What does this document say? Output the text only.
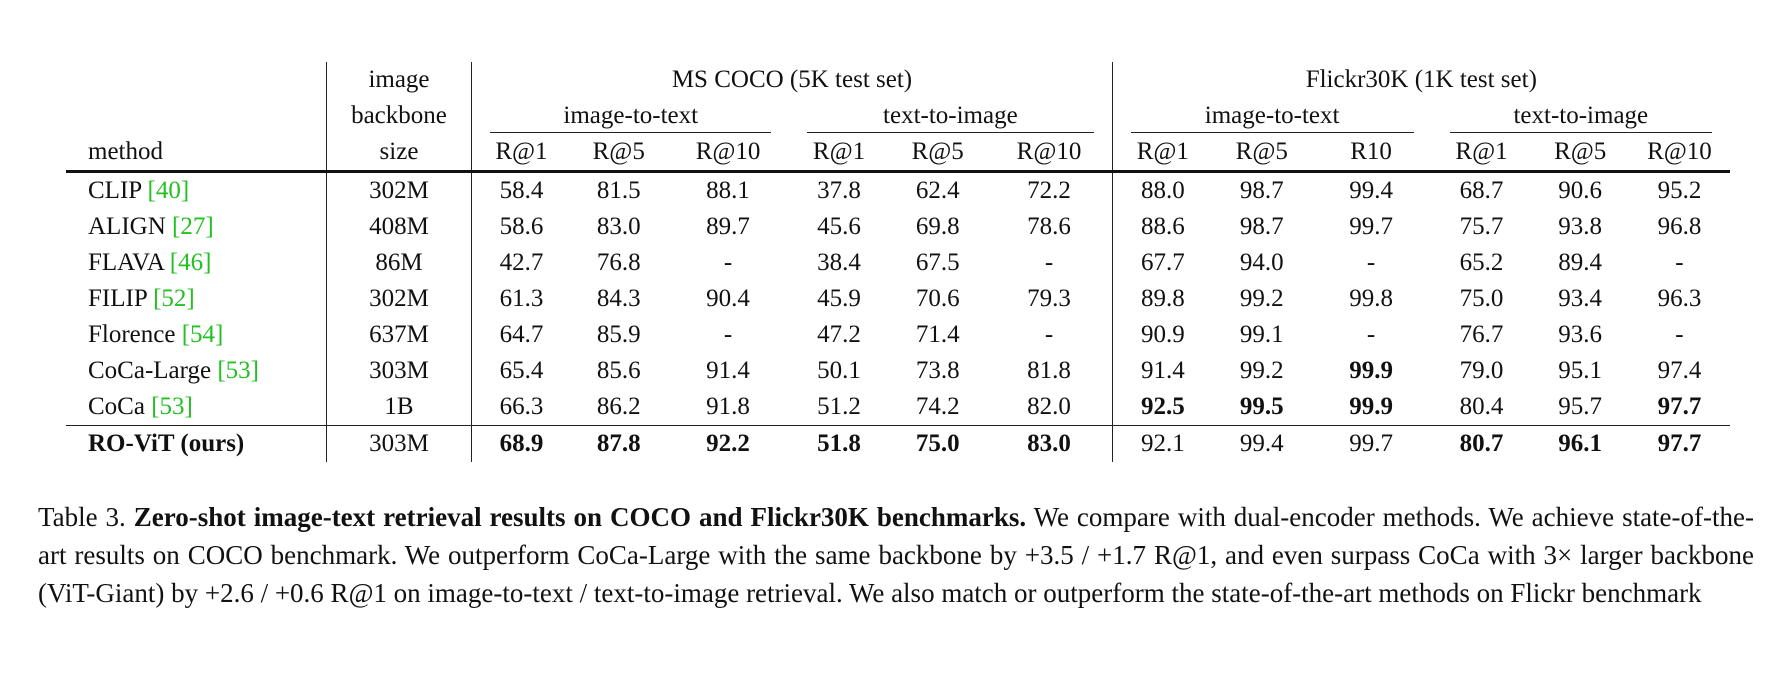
	image	MS COCO (5K test set)						Flickr30K (1K test set)					
	backbone	image-to-text			text-to-image			image-to-text			text-to-image		

method	size	R@1	R@5	R@10	R@1	R@5	R@10	R@1	R@5	R10	R@1	R@5	R@10
CLIP [40]	302M	58.4	81.5	88.1	37.8	62.4	72.2	88.0	98.7	99.4	68.7	90.6	95.2
ALIGN [27]	408M	58.6	83.0	89.7	45.6	69.8	78.6	88.6	98.7	99.7	75.7	93.8	96.8
FLAVA [46]	86M	42.7	76.8	-	38.4	67.5	-	67.7	94.0	-	65.2	89.4	-
FILIP [52]	302M	61.3	84.3	90.4	45.9	70.6	79.3	89.8	99.2	99.8	75.0	93.4	96.3
Florence [54]	637M	64.7	85.9	-	47.2	71.4	-	90.9	99.1	-	76.7	93.6	-
CoCa-Large [53]	303M	65.4	85.6	91.4	50.1	73.8	81.8	91.4	99.2	99.9	79.0	95.1	97.4
CoCa [53]	1B	66.3	86.2	91.8	51.2	74.2	82.0	92.5	99.5	99.9	80.4	95.7	97.7
RO-ViT (ours)	303M	68.9	87.8	92.2	51.8	75.0	83.0	92.1	99.4	99.7	80.7	96.1	97.7
Table 3. Zero-shot image-text retrieval results on COCO and Flickr30K benchmarks. We compare with dual-encoder methods. We achieve state-of-the-art results on COCO benchmark. We outperform CoCa-Large with the same backbone by +3.5 / +1.7 R@1, and even surpass CoCa with 3× larger backbone (ViT-Giant) by +2.6 / +0.6 R@1 on image-to-text / text-to-image retrieval. We also match or outperform the state-of-the-art methods on Flickr benchmark
